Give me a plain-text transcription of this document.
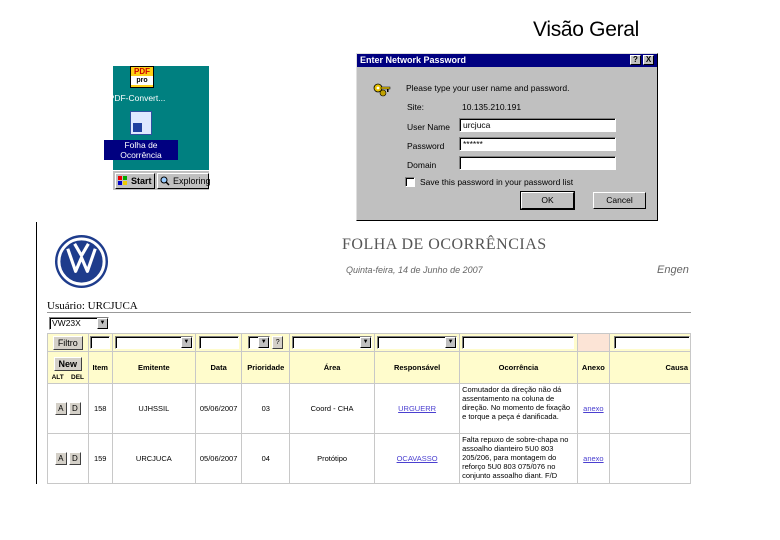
Visão Geral
PDF
pro
PDF-Convert...
Folha de
Ocorrência
Start	Exploring
Enter Network Password	? X
Please type your user name and password.
Site:	10.135.210.191
User Name	urcjuca
Password	******
Domain
Save this password in your password list
OK	Cancel
FOLHA DE OCORRÊNCIAS
Quinta-feira, 14 de Junho de 2007	Engen
Usuário: URCJUCA
VW23X	▼
Filtro		▼		▼ ?	▼	▼			

New
ALT DEL	Item	Emitente	Data	Prioridade	Área	Responsável	Ocorrência	Anexo	Causa
A D	158	UJHSSIL	05/06/2007	03	Coord - CHA	URGUERR	Comutador da direção não dá assentamento na coluna de direção. No momento de fixação e torque a peça é danificada.	anexo	
A D	159	URCJUCA	05/06/2007	04	Protótipo	OCAVASSO	Falta repuxo de sobre-chapa no assoalho dianteiro 5U0 803 205/206, para montagem do reforço 5U0 803 075/076 no conjunto assoalho diant. F/D	anexo	
